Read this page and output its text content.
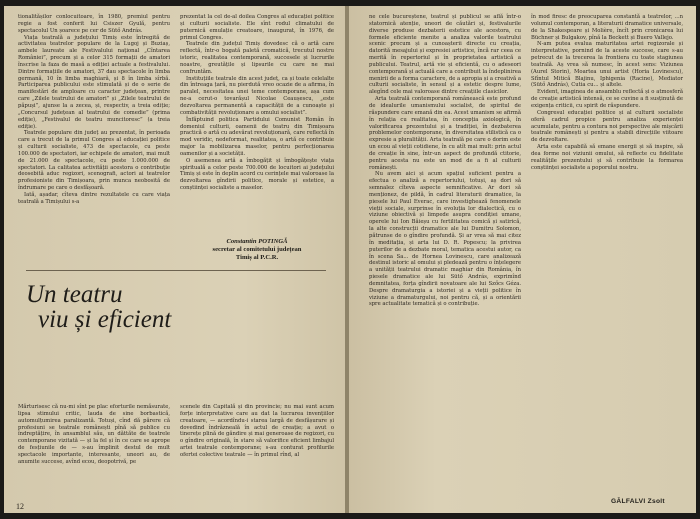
tionalitășilor conlocuitoare, în 1980, premiul pentru regie a fost conferit lui Csiszer Gyulă, pentru spectacolul Un șoarece pe cer de Sütő András.

Viața teatrală a județului Timiș este întregită de activitatea teatrelor populare de la Lugoj și Buziaș, ambele laureate ale Festivalului național „Cîntarea României”, precum și a celor 315 formații de amatori înscrise la faza de masă a ediției actuale a festivalului. Dintre formațiile de amatori, 37 dau spectacole în limba germană, 10 în limba maghiară, și 8 în limba sîrbă. Participarea publicului este stimulată și de o serie de manifestări de amploare cu caracter județean, printre care „Zilele teatrului de amatori” și „Zilele teatrului de păpuși”, ajunse la a zecea, și, respectiv, a treia ediție; „Concursul județean al teatrului de comedie” (prima ediție), „Festivalul de teatru muncitoresc” (a treia ediție).

Teatrele populare din județ au prezentat, în perioada care a trecut de la primul Congres al educației politice și culturii socialiste, 473 de spectacole, cu peste 100.000 de spectatori, iar echipele de amatori, mai mult de 21.000 de spectacole, cu peste 1.000.000 de spectatori. La calitatea activității acestora o contribuție deosebită aduc regizori, scenografi, actori ai teatrelor profesioniste din Timișoara, prin munca neobosită de îndrumare pe care o desfășoară.

Iată, așadar, cîteva dintre rezultatele cu care viața teatrală a Timișului s-a

prezentat la cel de-al doilea Congres al educației politice și culturii socialiste. Ele sînt rodul climatului de puternică emulație creatoare, inaugurat, în 1976, de primul Congres.

Teatrele din județul Timiș dovedesc că o artă care reflectă, într-o bogată paletă cromatică, trecutul nostru istoric, realitatea contemporană, succesele și lucrurile noastre, greutățile și lipsurile cu care ne mai confruntăm.

Instituțiile teatrale din acest județ, ca și toate celelalte din întreaga țară, nu pierdută vreo ocazie de a afirma, în paralel, necesitatea unei teme contemporane, așa cum ne-a cerut-o tovarășul Nicolae Ceaușescu, „este dezvoltarea permanentă a capacității de a cunoaște și combativității revoluționare a omului socialist”.

Înfăptuind politica Partidului Comunist Român în domeniul culturii, oamenii de teatru din Timișoara practică o artă cu adevărat revoluționară, care reflectă în mod veridic, nedeformat, realitatea, o artă ce contribuie major la mobilizarea maselor, pentru perfecționarea oamenilor și a societății.

O asemenea artă a îmbogățit și îmbogățește viața spirituală a celor peste 700.000 de locuitori ai județului Timiș și este în deplin acord cu cerințele mai valoroase la dezvoltarea gîndirii politice, morale și estetice, a conștiinței socialiste a maselor.

Constantin POTINGĂ
secretar al comitetului județean
Timiș al P.C.R.
Un teatru
viu și eficient

Mărturisesc că nu-mi sînt pe plac eforturile nemăsurate, lipsa stimului critic, lauda de sine borbastică, automulțumirea paralizantă. Totuși, cînd dă părere că profesiuni se teatrale românești pînă să publice cu îndreptățire, în ansamblul său, un dăttăte de teatrele contemporane vizitată — și la fel și în ce care se aprope de fesțiunile de — s-au împlinit destul de mult spectacole importante, interesante, uneori au, de anumite succese, avînd ecou, deopotrivă, pe

scenele din Capitală și din provincie; nu mai sunt acum forțe interpretative care au dat la lucrarea invențiilor creatoare, — acordîndu-i starea largă de desfășurare și dovedind îndrăzneală în actul de creație; a avut o tinerețe plină de găndire și mai generoase de regizori, cu o gîndire originală, în stare să valorifice eficient limbajul artei teatrale contemporane; s-au conturat profilurile ofertei colective teatrale — în primul rînd, al

12

ne cele bucureștene, teatrul și publicul se află într-o statornică atenție, uneori de căutări și, festivalurile diverse produse dezbaterii estetice ale acestora, cu formele eficiente menite a analiza valorile teatrului scenic precum și a cunoașterii directe cu creația, datorită mesajului și expresiei artistice, încă rar ceea ce merită în repertoriul și în proprietatea artistică a publicului. Teatrul, artă vie și eficientă, cu o adeseori contemporană și actuală care a contribuit la îndeplinirea menirii de a forma caractere, de a apropia și a creativă a culturii socialiste, în sensul și a estetic despre lume, alegînd cele mai valoroase dintre creațiile clasicilor.

Arta teatrală contemporană românească este profund de idealurile umanismului socialist, de spiritul de răspundere care emană din ea. Acest umanism se afirmă în relația cu realitatea, în concepția axiologică, în valorificarea prezentului și a tradiției, în dezbaterea problemelor contemporane, în diversitatea stilistică ca o expresie a pluralității. Arta teatrală pe care o dorim este un ecou al vieții cotidiene, în cu atît mai mult: prin actul de creație în sine, într-un aspect de profundă ctitorie, pentru acesta nu este un mod de a fi al culturii românești.

Nu avem aici și acum spațiul suficient pentru a efectua o analiză a repertoriului, totuși, aș dori să semnalez cîteva aspecte semnificative. Ar dori să menționez, de pildă, în cadrul literaturii dramatice, la piesele lui Paul Everac, care investighează fenomenele vieții sociale, surprinse în evoluția lor dialectică, cu o viziune obiectivă și limpede asupra condiției umane, operele lui Ion Băieșu cu fertilitatea comică și satirică, la alte construcții dramatice ale lui Dumitru Solomon, pătrunse de o gîndire profundă. Și ar vrea să mai citez în meditația, și arta lui D. R. Popescu; la privirea puterilor de a dezbate moral, tematica acestui autor, ca în scena Sa... de Hornea Lovinescu, care analizează destinul istoric al omului și pledează pentru o înțelegere a unității teatrului dramatic maghiar din România, în piesele dramatice ale lui Sütő András, exprimînd demnitatea, forța gîndirii novatoare ale lui Szőcs Géza. Despre dramaturgia a istoriei și a vieții politice în viziune a dramaturgului, noi pentru că, și a orientării spre actualitate tematică și o contribuție.

în mod firesc de preocuparea constantă a teatrelor, ...n volumul contemporan, a literaturii dramatice universale, de la Shakespeare și Molière, încît prin cronicarea lui Büchner și Bulgakov, pînă la Beckett și Buero Vallejo.

N-am putea evalua maturitatea artei regizorale și interpretative, pornind de la aceste succese, care s-au petrecut de la trecerea la frontiera cu toate stagiunea teatrală. Aș vrea să numesc, în acest sens: Viziunea (Aurel Storin), Moartea unui artist (Horia Lovinescu), Sfîntul Mitică Blajinu, Iphigenia (Racine), Mediator (Sütő András), Cutia cu... și altele.

Evident, imaginea de ansamblu reflectă și o atmosferă de creație artistică intensă, ce se cuvine a fi susținută de exigența criticii, cu spirit de răspundere.

Congresul educației politice și al culturii socialiste oferă cadrul propice pentru analiza experienței acumulate, pentru a contura noi perspective ale mișcării teatrale românești și pentru a stabili direcțiile viitoare de dezvoltare.

Arta este capabilă să emane energii și să inspire, să dea forme noi viziunii omului, să reflecte cu fidelitate realitățile prezentului și să contribuie la formarea conștiinței socialiste a poporului nostru.

GĂLFALVI Zsolt
